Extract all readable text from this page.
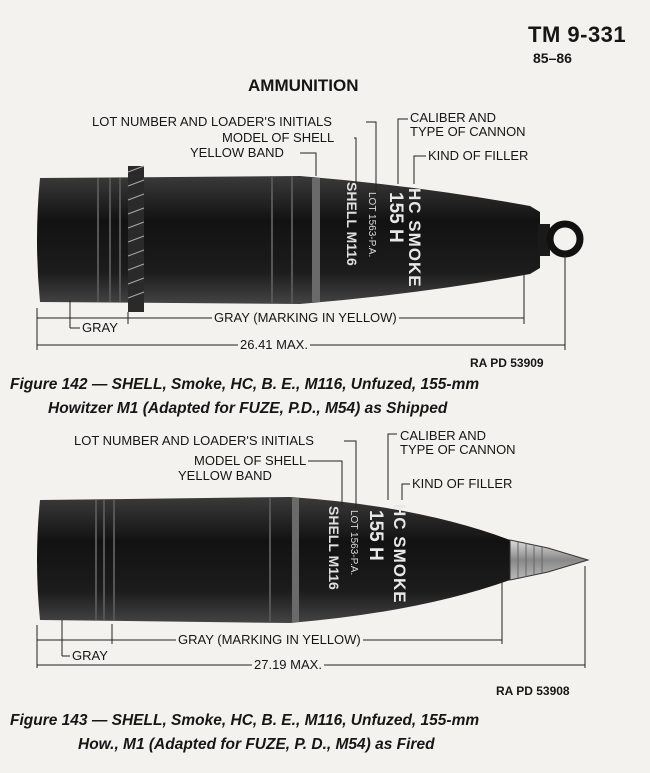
TM 9-331
85–86
AMMUNITION
HC SMOKE
155 H
LOT 1563-P.A.
SHELL M116
HC SMOKE
155 H
LOT 1563-P.A.
SHELL M116
LOT NUMBER AND LOADER'S INITIALS
MODEL OF SHELL
YELLOW BAND
CALIBER AND
TYPE OF CANNON
KIND OF FILLER
GRAY
GRAY (MARKING IN YELLOW)
26.41 MAX.
RA PD 53909
Figure 142 — SHELL, Smoke, HC, B. E., M116, Unfuzed, 155-mm
Howitzer M1 (Adapted for FUZE, P.D., M54) as Shipped
LOT NUMBER AND LOADER'S INITIALS
MODEL OF SHELL
YELLOW BAND
CALIBER AND
TYPE OF CANNON
KIND OF FILLER
GRAY
GRAY (MARKING IN YELLOW)
27.19 MAX.
RA PD 53908
Figure 143 — SHELL, Smoke, HC, B. E., M116, Unfuzed, 155-mm
How., M1 (Adapted for FUZE, P. D., M54) as Fired
